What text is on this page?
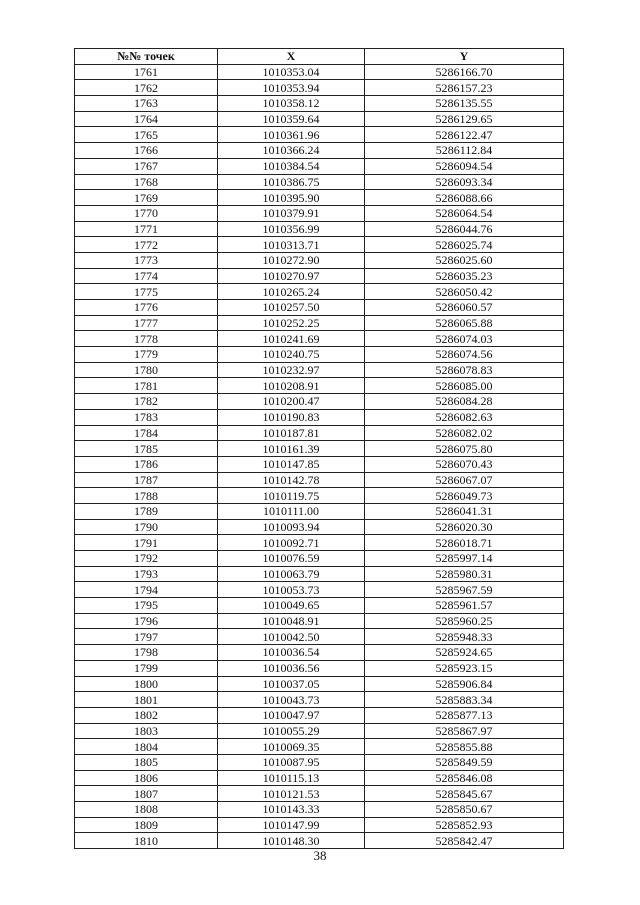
№№ точек	X	Y
1761	1010353.04	5286166.70
1762	1010353.94	5286157.23
1763	1010358.12	5286135.55
1764	1010359.64	5286129.65
1765	1010361.96	5286122.47
1766	1010366.24	5286112.84
1767	1010384.54	5286094.54
1768	1010386.75	5286093.34
1769	1010395.90	5286088.66
1770	1010379.91	5286064.54
1771	1010356.99	5286044.76
1772	1010313.71	5286025.74
1773	1010272.90	5286025.60
1774	1010270.97	5286035.23
1775	1010265.24	5286050.42
1776	1010257.50	5286060.57
1777	1010252.25	5286065.88
1778	1010241.69	5286074.03
1779	1010240.75	5286074.56
1780	1010232.97	5286078.83
1781	1010208.91	5286085.00
1782	1010200.47	5286084.28
1783	1010190.83	5286082.63
1784	1010187.81	5286082.02
1785	1010161.39	5286075.80
1786	1010147.85	5286070.43
1787	1010142.78	5286067.07
1788	1010119.75	5286049.73
1789	1010111.00	5286041.31
1790	1010093.94	5286020.30
1791	1010092.71	5286018.71
1792	1010076.59	5285997.14
1793	1010063.79	5285980.31
1794	1010053.73	5285967.59
1795	1010049.65	5285961.57
1796	1010048.91	5285960.25
1797	1010042.50	5285948.33
1798	1010036.54	5285924.65
1799	1010036.56	5285923.15
1800	1010037.05	5285906.84
1801	1010043.73	5285883.34
1802	1010047.97	5285877.13
1803	1010055.29	5285867.97
1804	1010069.35	5285855.88
1805	1010087.95	5285849.59
1806	1010115.13	5285846.08
1807	1010121.53	5285845.67
1808	1010143.33	5285850.67
1809	1010147.99	5285852.93
1810	1010148.30	5285842.47
38
